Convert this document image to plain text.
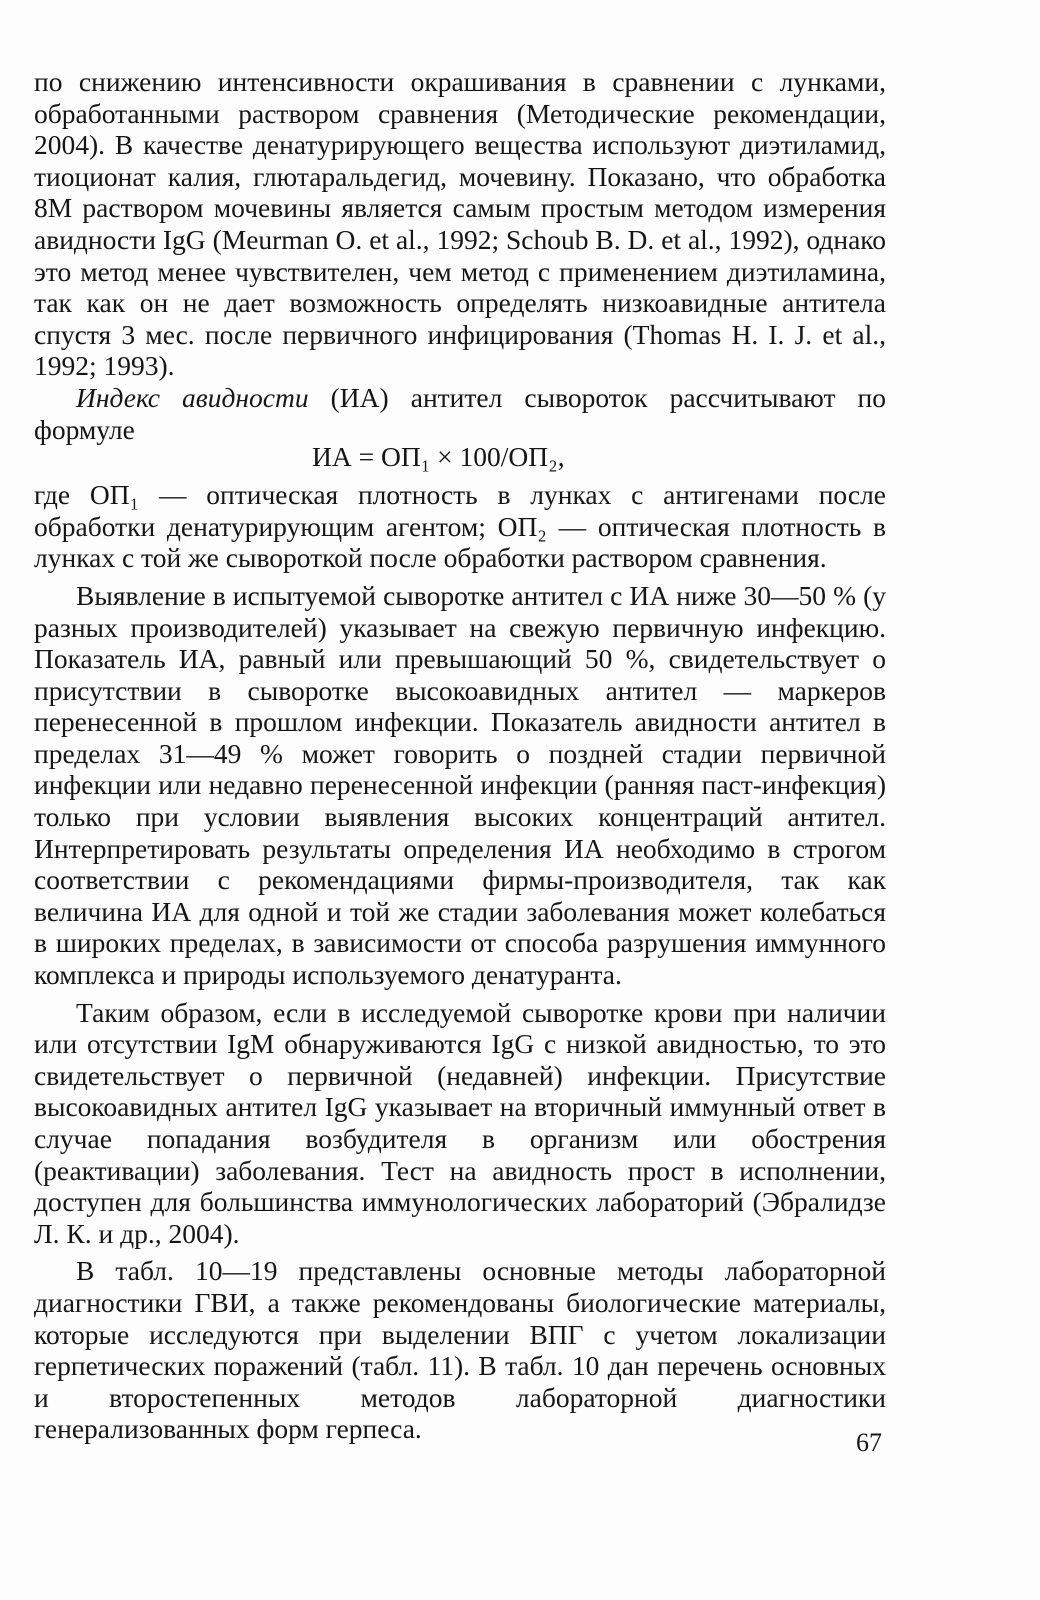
по снижению интенсивности окрашивания в сравнении с лунками, обработанными раствором сравнения (Методические рекомендации, 2004). В качестве денатурирующего вещества используют диэтиламид, тиоционат калия, глютаральдегид, мочевину. Показано, что обработка 8М раствором мочевины является самым простым методом измерения авидности IgG (Meurman O. et al., 1992; Schoub B. D. et al., 1992), однако это метод менее чувствителен, чем метод с применением диэтиламина, так как он не дает возможность определять низкоавидные антитела спустя 3 мес. после первичного инфицирования (Thomas H. I. J. et al., 1992; 1993).

Индекс авидности (ИА) антител сывороток рассчитывают по формуле

ИА = ОП₁ × 100/ОП₂,

где ОП₁ — оптическая плотность в лунках с антигенами после обработки денатурирующим агентом; ОП₂ — оптическая плотность в лунках с той же сывороткой после обработки раствором сравнения.

Выявление в испытуемой сыворотке антител с ИА ниже 30—50 % (у разных производителей) указывает на свежую первичную инфекцию. Показатель ИА, равный или превышающий 50 %, свидетельствует о присутствии в сыворотке высокоавидных антител — маркеров перенесенной в прошлом инфекции. Показатель авидности антител в пределах 31—49 % может говорить о поздней стадии первичной инфекции или недавно перенесенной инфекции (ранняя паст-инфекция) только при условии выявления высоких концентраций антител. Интерпретировать результаты определения ИА необходимо в строгом соответствии с рекомендациями фирмы-производителя, так как величина ИА для одной и той же стадии заболевания может колебаться в широких пределах, в зависимости от способа разрушения иммунного комплекса и природы используемого денатуранта.

Таким образом, если в исследуемой сыворотке крови при наличии или отсутствии IgM обнаруживаются IgG с низкой авидностью, то это свидетельствует о первичной (недавней) инфекции. Присутствие высокоавидных антител IgG указывает на вторичный иммунный ответ в случае попадания возбудителя в организм или обострения (реактивации) заболевания. Тест на авидность прост в исполнении, доступен для большинства иммунологических лабораторий (Эбралидзе Л. К. и др., 2004).

В табл. 10—19 представлены основные методы лабораторной диагностики ГВИ, а также рекомендованы биологические материалы, которые исследуются при выделении ВПГ с учетом локализации герпетических поражений (табл. 11). В табл. 10 дан перечень основных и второстепенных методов лабораторной диагностики генерализованных форм герпеса.	67
